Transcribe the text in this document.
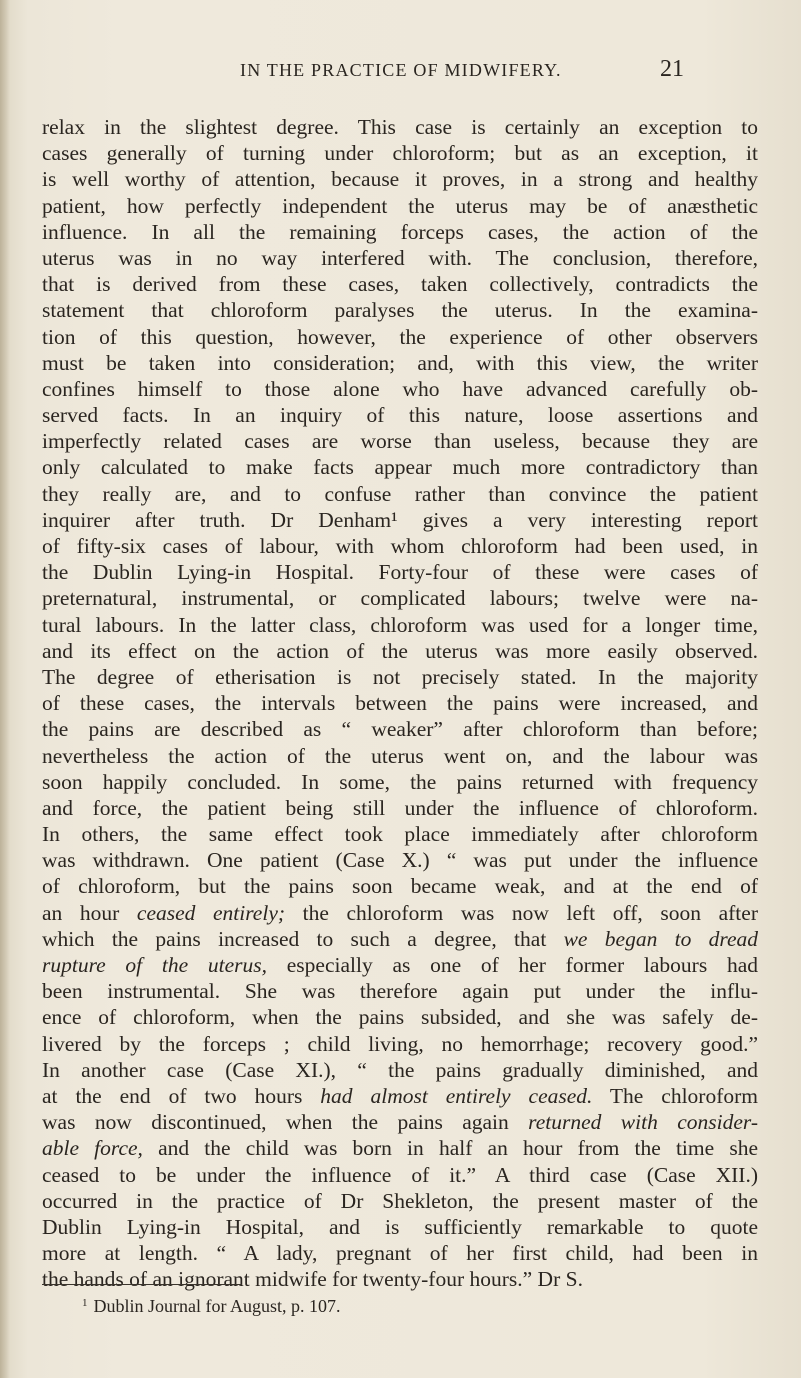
IN THE PRACTICE OF MIDWIFERY.	21
relax in the slightest degree. This case is certainly an exception to
cases generally of turning under chloroform; but as an exception, it
is well worthy of attention, because it proves, in a strong and healthy
patient, how perfectly independent the uterus may be of anæsthetic
influence. In all the remaining forceps cases, the action of the
uterus was in no way interfered with. The conclusion, therefore,
that is derived from these cases, taken collectively, contradicts the
statement that chloroform paralyses the uterus. In the examina-
tion of this question, however, the experience of other observers
must be taken into consideration; and, with this view, the writer
confines himself to those alone who have advanced carefully ob-
served facts. In an inquiry of this nature, loose assertions and
imperfectly related cases are worse than useless, because they are
only calculated to make facts appear much more contradictory than
they really are, and to confuse rather than convince the patient
inquirer after truth. Dr Denham¹ gives a very interesting report
of fifty-six cases of labour, with whom chloroform had been used, in
the Dublin Lying-in Hospital. Forty-four of these were cases of
preternatural, instrumental, or complicated labours; twelve were na-
tural labours. In the latter class, chloroform was used for a longer time,
and its effect on the action of the uterus was more easily observed.
The degree of etherisation is not precisely stated. In the majority
of these cases, the intervals between the pains were increased, and
the pains are described as “ weaker” after chloroform than before;
nevertheless the action of the uterus went on, and the labour was
soon happily concluded. In some, the pains returned with frequency
and force, the patient being still under the influence of chloroform.
In others, the same effect took place immediately after chloroform
was withdrawn. One patient (Case X.) “ was put under the influence
of chloroform, but the pains soon became weak, and at the end of
an hour ceased entirely; the chloroform was now left off, soon after
which the pains increased to such a degree, that we began to dread
rupture of the uterus, especially as one of her former labours had
been instrumental. She was therefore again put under the influ-
ence of chloroform, when the pains subsided, and she was safely de-
livered by the forceps ; child living, no hemorrhage; recovery good.”
In another case (Case XI.), “ the pains gradually diminished, and
at the end of two hours had almost entirely ceased. The chloroform
was now discontinued, when the pains again returned with consider-
able force, and the child was born in half an hour from the time she
ceased to be under the influence of it.” A third case (Case XII.)
occurred in the practice of Dr Shekleton, the present master of the
Dublin Lying-in Hospital, and is sufficiently remarkable to quote
more at length. “ A lady, pregnant of her first child, had been in
the hands of an ignorant midwife for twenty-four hours.” Dr S.
$^1$ Dublin Journal for August, p. 107.
